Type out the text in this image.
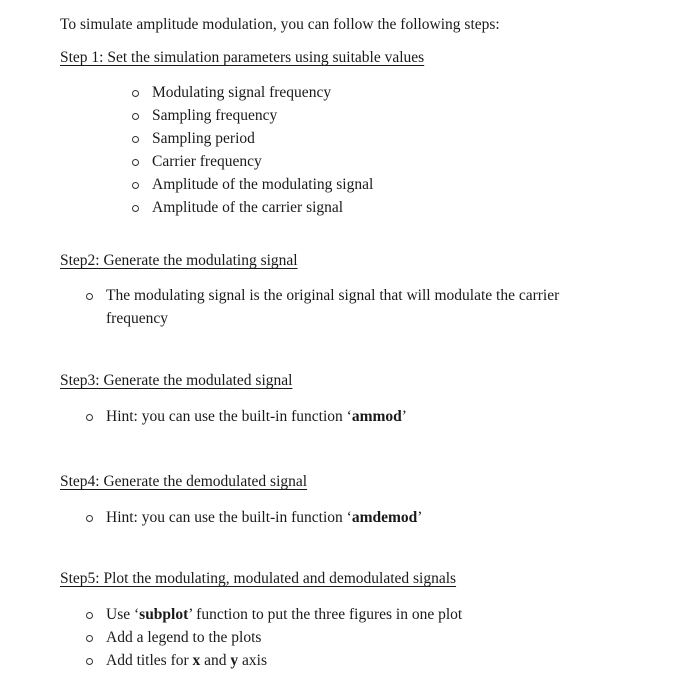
To simulate amplitude modulation, you can follow the following steps:
Step 1: Set the simulation parameters using suitable values
Modulating signal frequency
Sampling frequency
Sampling period
Carrier frequency
Amplitude of the modulating signal
Amplitude of the carrier signal
Step2: Generate the modulating signal
The modulating signal is the original signal that will modulate the carrier frequency
Step3: Generate the modulated signal
Hint: you can use the built-in function ‘ammod’
Step4: Generate the demodulated signal
Hint: you can use the built-in function ‘amdemod’
Step5: Plot the modulating, modulated and demodulated signals
Use ‘subplot’ function to put the three figures in one plot
Add a legend to the plots
Add titles for x and y axis
